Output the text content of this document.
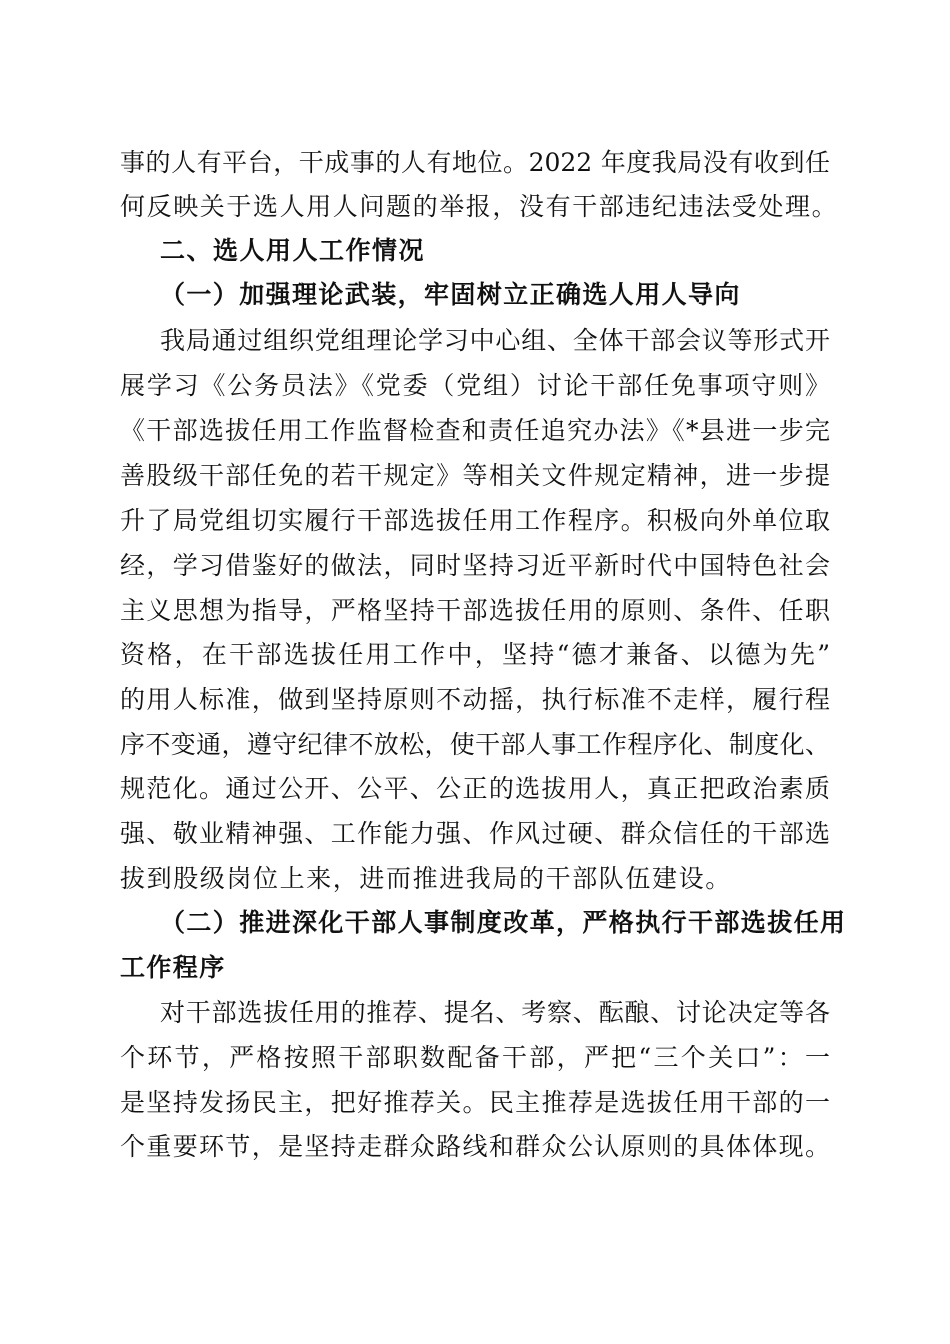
事的人有平台，干成事的人有地位。2022 年度我局没有收到任
何反映关于选人用人问题的举报，没有干部违纪违法受处理。
二、选人用人工作情况
（一）加强理论武装，牢固树立正确选人用人导向
我局通过组织党组理论学习中心组、全体干部会议等形式开
展学习《公务员法》《党委（党组）讨论干部任免事项守则》
《干部选拔任用工作监督检查和责任追究办法》《*县进一步完
善股级干部任免的若干规定》等相关文件规定精神，进一步提
升了局党组切实履行干部选拔任用工作程序。积极向外单位取
经，学习借鉴好的做法，同时坚持习近平新时代中国特色社会
主义思想为指导，严格坚持干部选拔任用的原则、条件、任职
资格，在干部选拔任用工作中，坚持“德才兼备、以德为先”
的用人标准，做到坚持原则不动摇，执行标准不走样，履行程
序不变通，遵守纪律不放松，使干部人事工作程序化、制度化、
规范化。通过公开、公平、公正的选拔用人，真正把政治素质
强、敬业精神强、工作能力强、作风过硬、群众信任的干部选
拔到股级岗位上来，进而推进我局的干部队伍建设。
（二）推进深化干部人事制度改革，严格执行干部选拔任用
工作程序
对干部选拔任用的推荐、提名、考察、酝酿、讨论决定等各
个环节，严格按照干部职数配备干部，严把“三个关口”：一
是坚持发扬民主，把好推荐关。民主推荐是选拔任用干部的一
个重要环节，是坚持走群众路线和群众公认原则的具体体现。
